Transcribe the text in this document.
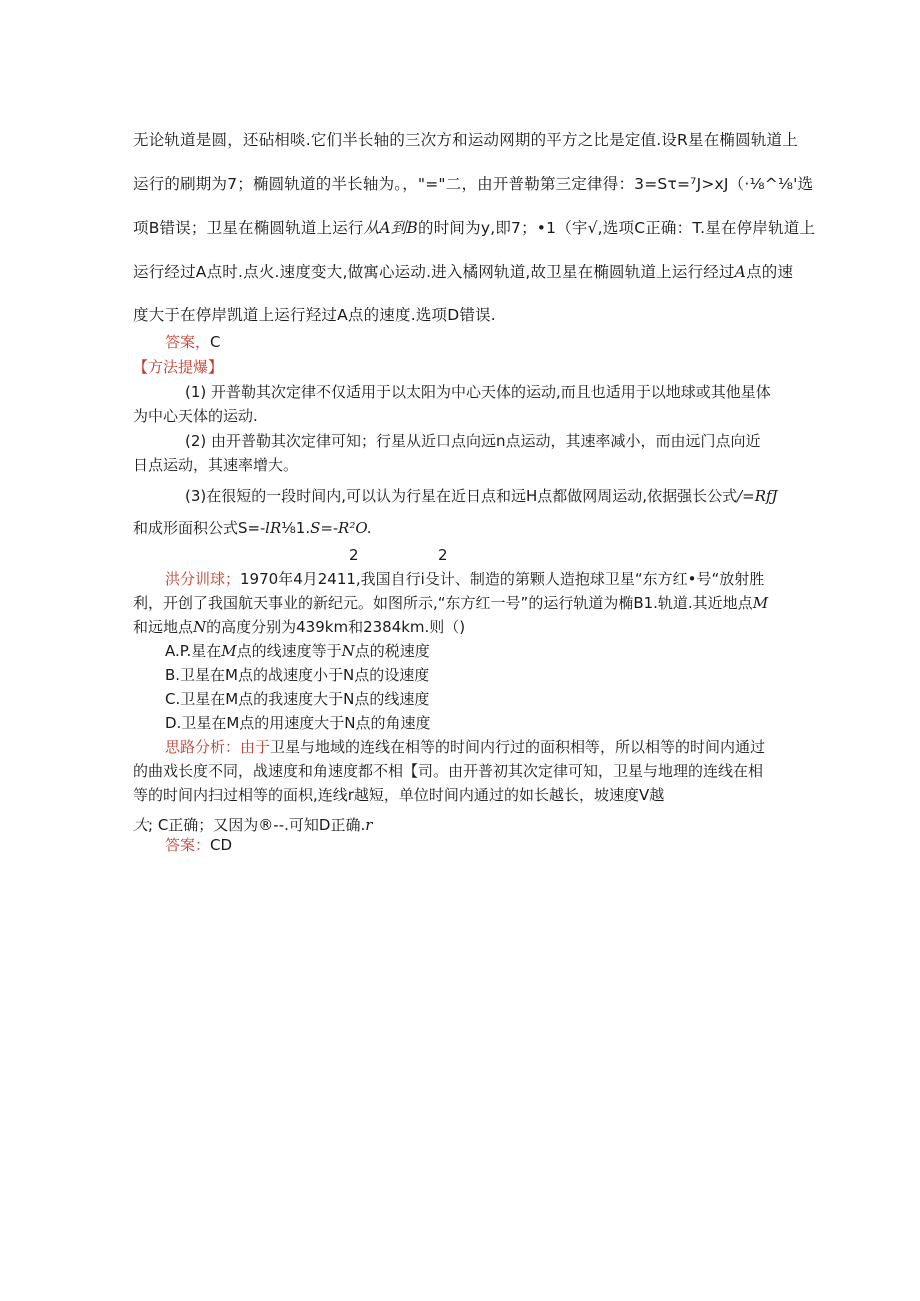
无论轨道是圆，还砧相啖.它们半长轴的三次方和运动网期的平方之比是定值.设R星在椭圆轨道上
运行的刷期为7；椭圆轨道的半长轴为。，"="二，由开普勒第三定律得：3=Sτ=⁷J>xJ（·⅛^⅛'选
项B错误；卫星在椭圆轨道上运行从A到B的时间为y,即7；•1（宇√,选项C正确：T.星在停岸轨道上
运行经过A点时.点火.速度变大,做寓心运动.进入橘网轨道,故卫星在椭圆轨道上运行经过A点的速
度大于在停岸凯道上运行羟过A点的速度.选项D错误.
答案，C
【方法提爆】
(1) 开普勒其次定律不仅适用于以太阳为中心天体的运动,而且也适用于以地球或其他星体
为中心天体的运动.
(2) 由开普勒其次定律可知；行星从近口点向远n点运动，其速率减小，而由远门点向近
日点运动，其速率增大。
(3)在很短的一段时间内,可以认为行星在近日点和远H点都做网周运动,依据强长公式/=RfJ
和成形面积公式S=-lR⅛1.S=-R²O.
2	2
洪分训球；1970年4月2411,我国自行i殳计、制造的第颗人造抱球卫星“东方红•号“放射胜
利，开创了我国航天事业的新纪元。如图所示,“东方红一号”的运行轨道为椭B1.轨道.其近地点M
和远地点N的高度分别为439km和2384km.则（)
A.P.星在M点的线速度等于N点的税速度
B.卫星在M点的战速度小于N点的设速度
C.卫星在M点的我速度大于N点的线速度
D.卫星在M点的用速度大于N点的角速度
思路分析：由于卫星与地域的连线在相等的时间内行过的面积相等，所以相等的时间内通过
的曲戏长度不同，战速度和角速度都不相【司。由开普初其次定律可知，卫星与地理的连线在相
等的时间内扫过相等的面枳,连线r越短，单位时间内通过的如长越长，坡速度V越
大; C正确；又因为®--.可知D正确.r
答案：CD
